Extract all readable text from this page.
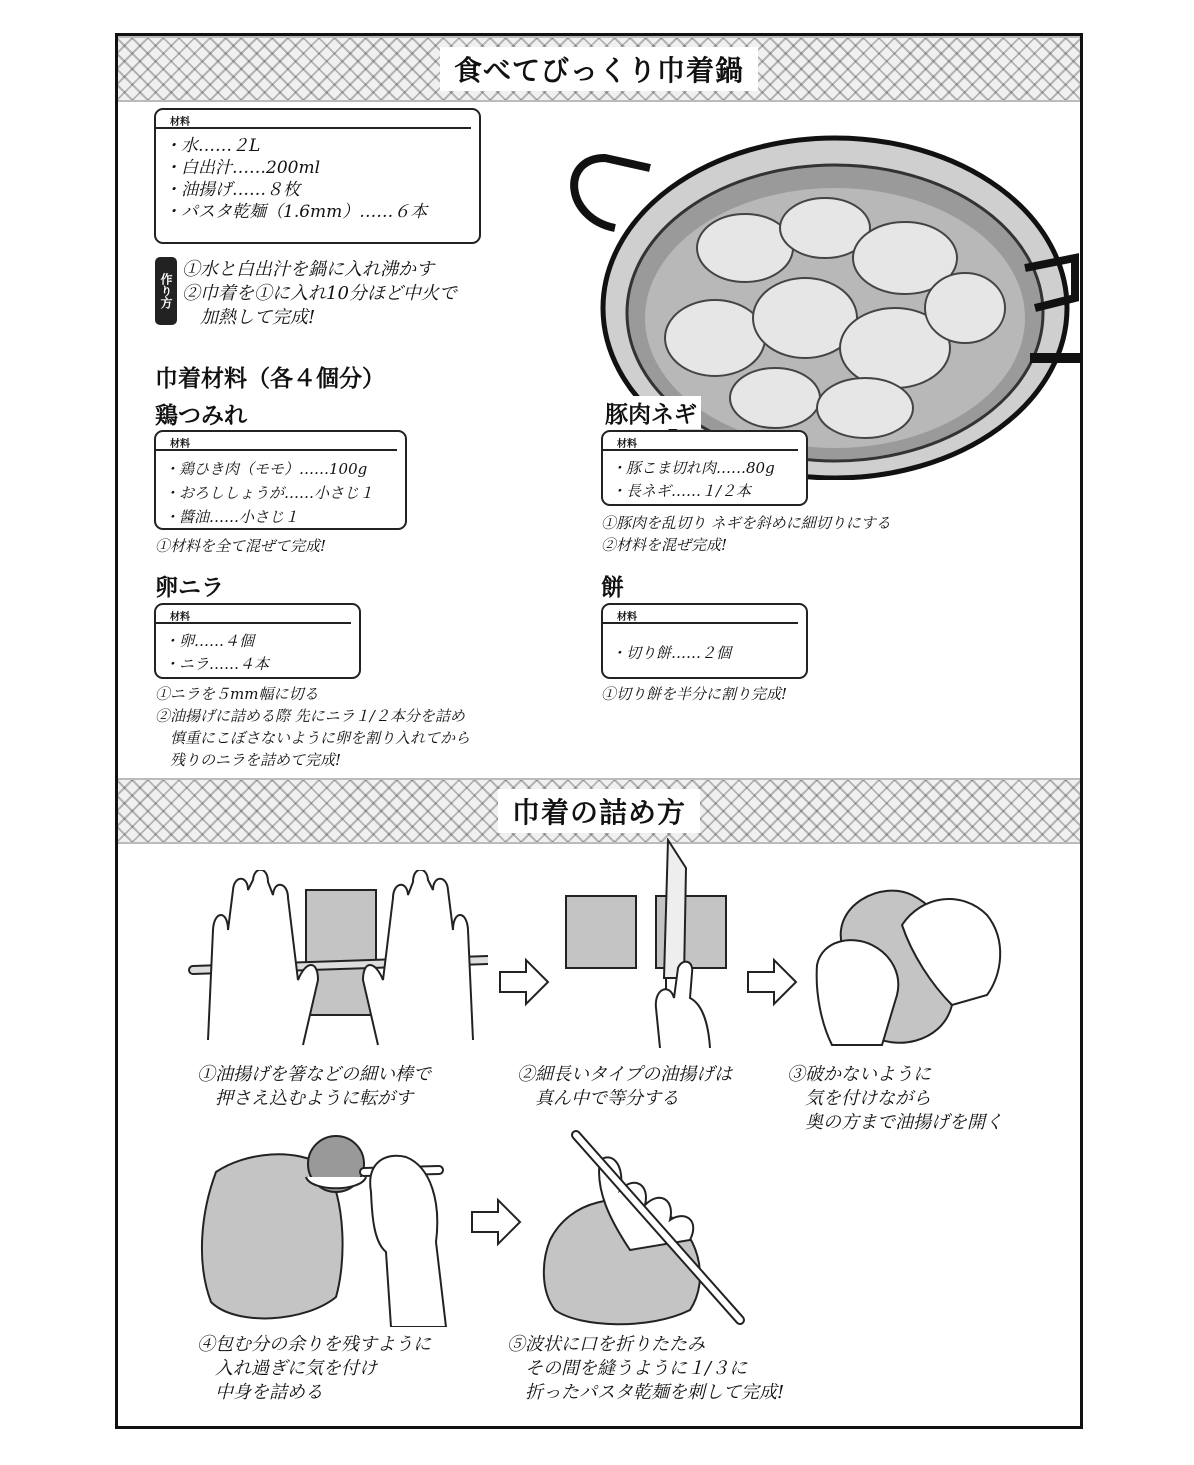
食べてびっくり巾着鍋
材料
・水……２L
・白出汁……200ml
・油揚げ……８枚
・パスタ乾麺（1.6mm）……６本
作り方
①水と白出汁を鍋に入れ沸かす
②巾着を①に入れ10分ほど中火で
　加熱して完成!
巾着材料（各４個分）
鶏つみれ
材料
・鶏ひき肉（モモ）……100g
・おろししょうが……小さじ１
・醬油……小さじ１
①材料を全て混ぜて完成!
卵ニラ
材料
・卵……４個
・ニラ……４本
①ニラを５mm幅に切る
②油揚げに詰める際 先にニラ１/２本分を詰め
　慎重にこぼさないように卵を割り入れてから
　残りのニラを詰めて完成!
豚肉ネギ
材料
・豚こま切れ肉……80g
・長ネギ……１/２本
①豚肉を乱切り ネギを斜めに細切りにする
②材料を混ぜ完成!
餅
材料
・切り餅……２個
①切り餅を半分に割り完成!
巾着の詰め方
①油揚げを箸などの細い棒で
　押さえ込むように転がす
②細長いタイプの油揚げは
　真ん中で等分する
③破かないように
　気を付けながら
　奥の方まで油揚げを開く
④包む分の余りを残すように
　入れ過ぎに気を付け
　中身を詰める
⑤波状に口を折りたたみ
　その間を縫うように１/３に
　折ったパスタ乾麺を刺して完成!
